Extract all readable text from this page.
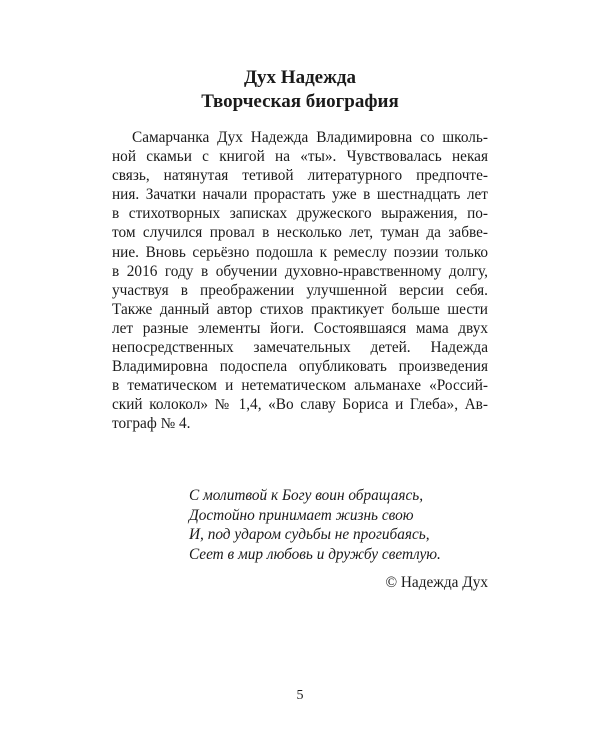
Дух Надежда
Творческая биография
Самарчанка Дух Надежда Владимировна со школь-
ной скамьи с книгой на «ты». Чувствовалась некая
связь, натянутая тетивой литературного предпочте-
ния. Зачатки начали прорастать уже в шестнадцать лет
в стихотворных записках дружеского выражения, по-
том случился провал в несколько лет, туман да забве-
ние. Вновь серьёзно подошла к ремеслу поэзии только
в 2016 году в обучении духовно-нравственному долгу,
участвуя в преображении улучшенной версии себя.
Также данный автор стихов практикует больше шести
лет разные элементы йоги. Состоявшаяся мама двух
непосредственных замечательных детей. Надежда
Владимировна подоспела опубликовать произведения
в тематическом и нетематическом альманахе «Россий-
ский колокол» № 1,4, «Во славу Бориса и Глеба», Ав-
тограф № 4.
С молитвой к Богу воин обращаясь,
Достойно принимает жизнь свою
И, под ударом судьбы не прогибаясь,
Сеет в мир любовь и дружбу светлую.
© Надежда Дух
5
